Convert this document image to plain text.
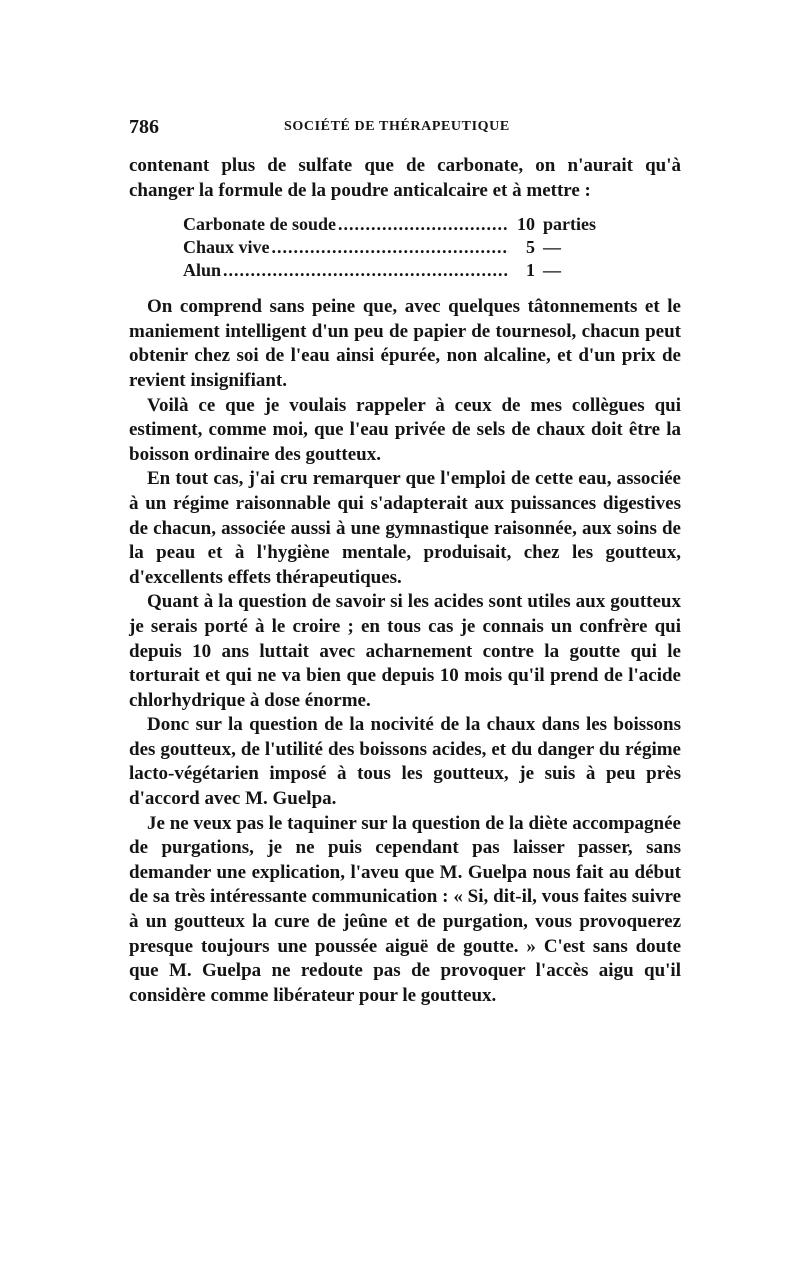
786	SOCIÉTÉ DE THÉRAPEUTIQUE

contenant plus de sulfate que de carbonate, on n'aurait qu'à changer la formule de la poudre anticalcaire et à mettre :

Carbonate de soude .....	10 parties
Chaux vive .....	5 —
Alun .....	1 —

On comprend sans peine que, avec quelques tâtonnements et le maniement intelligent d'un peu de papier de tournesol, chacun peut obtenir chez soi de l'eau ainsi épurée, non alcaline, et d'un prix de revient insignifiant.

Voilà ce que je voulais rappeler à ceux de mes collègues qui estiment, comme moi, que l'eau privée de sels de chaux doit être la boisson ordinaire des goutteux.

En tout cas, j'ai cru remarquer que l'emploi de cette eau, associée à un régime raisonnable qui s'adapterait aux puissances digestives de chacun, associée aussi à une gymnastique raisonnée, aux soins de la peau et à l'hygiène mentale, produisait, chez les goutteux, d'excellents effets thérapeutiques.

Quant à la question de savoir si les acides sont utiles aux goutteux je serais porté à le croire ; en tous cas je connais un confrère qui depuis 10 ans luttait avec acharnement contre la goutte qui le torturait et qui ne va bien que depuis 10 mois qu'il prend de l'acide chlorhydrique à dose énorme.

Donc sur la question de la nocivité de la chaux dans les boissons des goutteux, de l'utilité des boissons acides, et du danger du régime lacto-végétarien imposé à tous les goutteux, je suis à peu près d'accord avec M. Guelpa.

Je ne veux pas le taquiner sur la question de la diète accompagnée de purgations, je ne puis cependant pas laisser passer, sans demander une explication, l'aveu que M. Guelpa nous fait au début de sa très intéressante communication : « Si, dit-il, vous faites suivre à un goutteux la cure de jeûne et de purgation, vous provoquerez presque toujours une poussée aiguë de goutte. » C'est sans doute que M. Guelpa ne redoute pas de provoquer l'accès aigu qu'il considère comme libérateur pour le goutteux.
